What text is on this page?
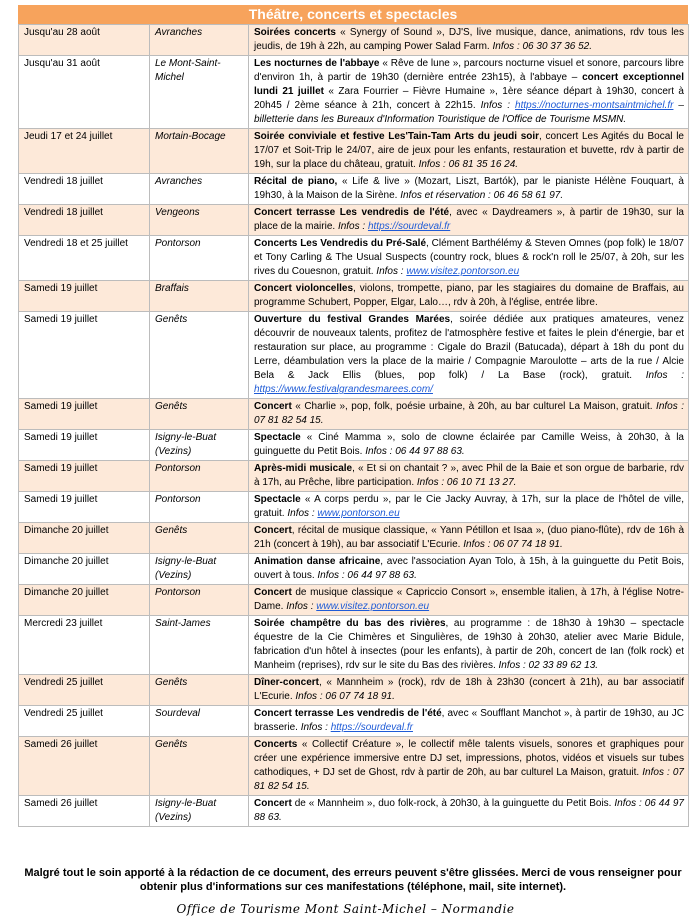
Théâtre, concerts et spectacles
Jusqu'au 28 août	Avranches	Soirées concerts « Synergy of Sound », DJ'S, live musique, dance, animations, rdv tous les jeudis, de 19h à 22h, au camping Power Salad Farm. Infos : 06 30 37 36 52.
Jusqu'au 31 août	Le Mont-Saint-Michel	Les nocturnes de l'abbaye « Rêve de lune », parcours nocturne visuel et sonore, parcours libre d'environ 1h, à partir de 19h30 (dernière entrée 23h15), à l'abbaye – concert exceptionnel lundi 21 juillet « Zara Fourrier – Fièvre Humaine », 1ère séance départ à 19h30, concert à 20h45 / 2ème séance à 21h, concert à 22h15. Infos : https://nocturnes-montsaintmichel.fr – billetterie dans les Bureaux d'Information Touristique de l'Office de Tourisme MSMN.
Jeudi 17 et 24 juillet	Mortain-Bocage	Soirée conviviale et festive Les'Tain-Tam Arts du jeudi soir, concert Les Agités du Bocal le 17/07 et Soit-Trip le 24/07, aire de jeux pour les enfants, restauration et buvette, rdv à partir de 19h, sur la place du château, gratuit. Infos : 06 81 35 16 24.
Vendredi 18 juillet	Avranches	Récital de piano, « Life & live » (Mozart, Liszt, Bartók), par le pianiste Hélène Fouquart, à 19h30, à la Maison de la Sirène. Infos et réservation : 06 46 58 61 97.
Vendredi 18 juillet	Vengeons	Concert terrasse Les vendredis de l'été, avec « Daydreamers », à partir de 19h30, sur la place de la mairie. Infos : https://sourdeval.fr
Vendredi 18 et 25 juillet	Pontorson	Concerts Les Vendredis du Pré-Salé, Clément Barthélémy & Steven Omnes (pop folk) le 18/07 et Tony Carling & The Usual Suspects (country rock, blues & rock'n roll le 25/07, à 20h, sur les rives du Couesnon, gratuit. Infos : www.visitez.pontorson.eu
Samedi 19 juillet	Braffais	Concert violoncelles, violons, trompette, piano, par les stagiaires du domaine de Braffais, au programme Schubert, Popper, Elgar, Lalo…, rdv à 20h, à l'église, entrée libre.
Samedi 19 juillet	Genêts	Ouverture du festival Grandes Marées, soirée dédiée aux pratiques amateures, venez découvrir de nouveaux talents, profitez de l'atmosphère festive et faites le plein d'énergie, bar et restauration sur place, au programme : Cigale do Brazil (Batucada), départ à 18h du pont du Lerre, déambulation vers la place de la mairie / Compagnie Maroulotte – arts de la rue / Alcie Bela & Jack Ellis (blues, pop folk) / La Base (rock), gratuit. Infos : https://www.festivalgrandesmarees.com/
Samedi 19 juillet	Genêts	Concert « Charlie », pop, folk, poésie urbaine, à 20h, au bar culturel La Maison, gratuit. Infos : 07 81 82 54 15.
Samedi 19 juillet	Isigny-le-Buat (Vezins)	Spectacle « Ciné Mamma », solo de clowne éclairée par Camille Weiss, à 20h30, à la guinguette du Petit Bois. Infos : 06 44 97 88 63.
Samedi 19 juillet	Pontorson	Après-midi musicale, « Et si on chantait ? », avec Phil de la Baie et son orgue de barbarie, rdv à 17h, au Prêche, libre participation. Infos : 06 10 71 13 27.
Samedi 19 juillet	Pontorson	Spectacle « A corps perdu », par le Cie Jacky Auvray, à 17h, sur la place de l'hôtel de ville, gratuit. Infos : www.pontorson.eu
Dimanche 20 juillet	Genêts	Concert, récital de musique classique, « Yann Pétillon et Isaa », (duo piano-flûte), rdv de 16h à 21h (concert à 19h), au bar associatif L'Ecurie. Infos : 06 07 74 18 91.
Dimanche 20 juillet	Isigny-le-Buat (Vezins)	Animation danse africaine, avec l'association Ayan Tolo, à 15h, à la guinguette du Petit Bois, ouvert à tous. Infos : 06 44 97 88 63.
Dimanche 20 juillet	Pontorson	Concert de musique classique « Capriccio Consort », ensemble italien, à 17h, à l'église Notre-Dame. Infos : www.visitez.pontorson.eu
Mercredi 23 juillet	Saint-James	Soirée champêtre du bas des rivières, au programme : de 18h30 à 19h30 – spectacle équestre de la Cie Chimères et Singulières, de 19h30 à 20h30, atelier avec Marie Bidule, fabrication d'un hôtel à insectes (pour les enfants), à partir de 20h, concert de Ian (folk rock) et Manheim (reprises), rdv sur le site du Bas des rivières. Infos : 02 33 89 62 13.
Vendredi 25 juillet	Genêts	Dîner-concert, « Mannheim » (rock), rdv de 18h à 23h30 (concert à 21h), au bar associatif L'Ecurie. Infos : 06 07 74 18 91.
Vendredi 25 juillet	Sourdeval	Concert terrasse Les vendredis de l'été, avec « Soufflant Manchot », à partir de 19h30, au JC brasserie. Infos : https://sourdeval.fr
Samedi 26 juillet	Genêts	Concerts « Collectif Créature », le collectif mêle talents visuels, sonores et graphiques pour créer une expérience immersive entre DJ set, impressions, photos, vidéos et visuels sur tubes cathodiques, + DJ set de Ghost, rdv à partir de 20h, au bar culturel La Maison, gratuit. Infos : 07 81 82 54 15.
Samedi 26 juillet	Isigny-le-Buat (Vezins)	Concert de « Mannheim », duo folk-rock, à 20h30, à la guinguette du Petit Bois. Infos : 06 44 97 88 63.
Malgré tout le soin apporté à la rédaction de ce document, des erreurs peuvent s'être glissées. Merci de vous renseigner pour obtenir plus d'informations sur ces manifestations (téléphone, mail, site internet).
Office de Tourisme Mont Saint-Michel – Normandie
